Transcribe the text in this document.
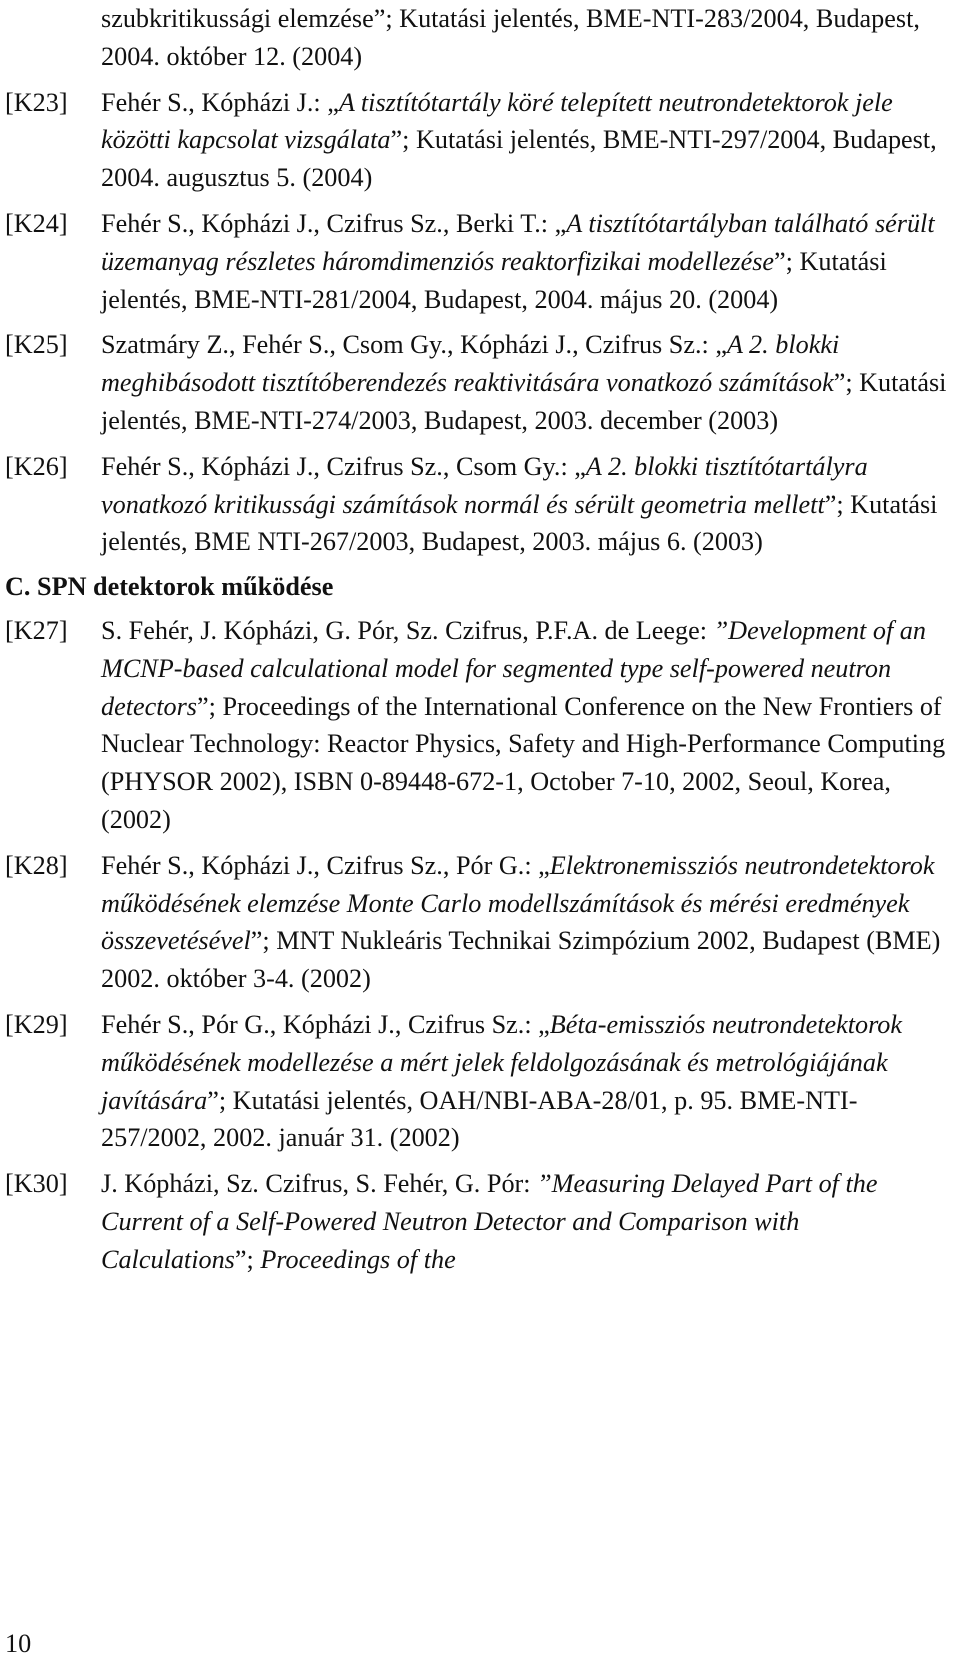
szubkritikussági elemzése”; Kutatási jelentés, BME-NTI-283/2004, Budapest, 2004. október 12. (2004)
[K23]	Fehér S., Kópházi J.: „A tisztítótartály köré telepített neutrondetektorok jele közötti kapcsolat vizsgálata”; Kutatási jelentés, BME-NTI-297/2004, Budapest, 2004. augusztus 5. (2004)
[K24]	Fehér S., Kópházi J., Czifrus Sz., Berki T.: „A tisztítótartályban található sérült üzemanyag részletes háromdimenziós reaktorfizikai modellezése”; Kutatási jelentés, BME-NTI-281/2004, Budapest, 2004. május 20. (2004)
[K25]	Szatmáry Z., Fehér S., Csom Gy., Kópházi J., Czifrus Sz.: „A 2. blokki meghibásodott tisztítóberendezés reaktivitására vonatkozó számítások”; Kutatási jelentés, BME-NTI-274/2003, Budapest, 2003. december (2003)
[K26]	Fehér S., Kópházi J., Czifrus Sz., Csom Gy.: „A 2. blokki tisztítótartályra vonatkozó kritikussági számítások normál és sérült geometria mellett”; Kutatási jelentés, BME NTI-267/2003, Budapest, 2003. május 6. (2003)
C. SPN detektorok működése
[K27]	S. Fehér, J. Kópházi, G. Pór, Sz. Czifrus, P.F.A. de Leege: ”Development of an MCNP-based calculational model for segmented type self-powered neutron detectors”; Proceedings of the International Conference on the New Frontiers of Nuclear Technology: Reactor Physics, Safety and High-Performance Computing (PHYSOR 2002), ISBN 0-89448-672-1, October 7-10, 2002, Seoul, Korea, (2002)
[K28]	Fehér S., Kópházi J., Czifrus Sz., Pór G.: „Elektronemissziós neutrondetektorok működésének elemzése Monte Carlo modellszámítások és mérési eredmények összevetésével”; MNT Nukleáris Technikai Szimpózium 2002, Budapest (BME) 2002. október 3-4. (2002)
[K29]	Fehér S., Pór G., Kópházi J., Czifrus Sz.: „Béta-emissziós neutrondetektorok működésének modellezése a mért jelek feldolgozásának és metrológiájának javítására”; Kutatási jelentés, OAH/NBI-ABA-28/01, p. 95. BME-NTI-257/2002, 2002. január 31. (2002)
[K30]	J. Kópházi, Sz. Czifrus, S. Fehér, G. Pór: ”Measuring Delayed Part of the Current of a Self-Powered Neutron Detector and Comparison with Calculations”; Proceedings of the
10
